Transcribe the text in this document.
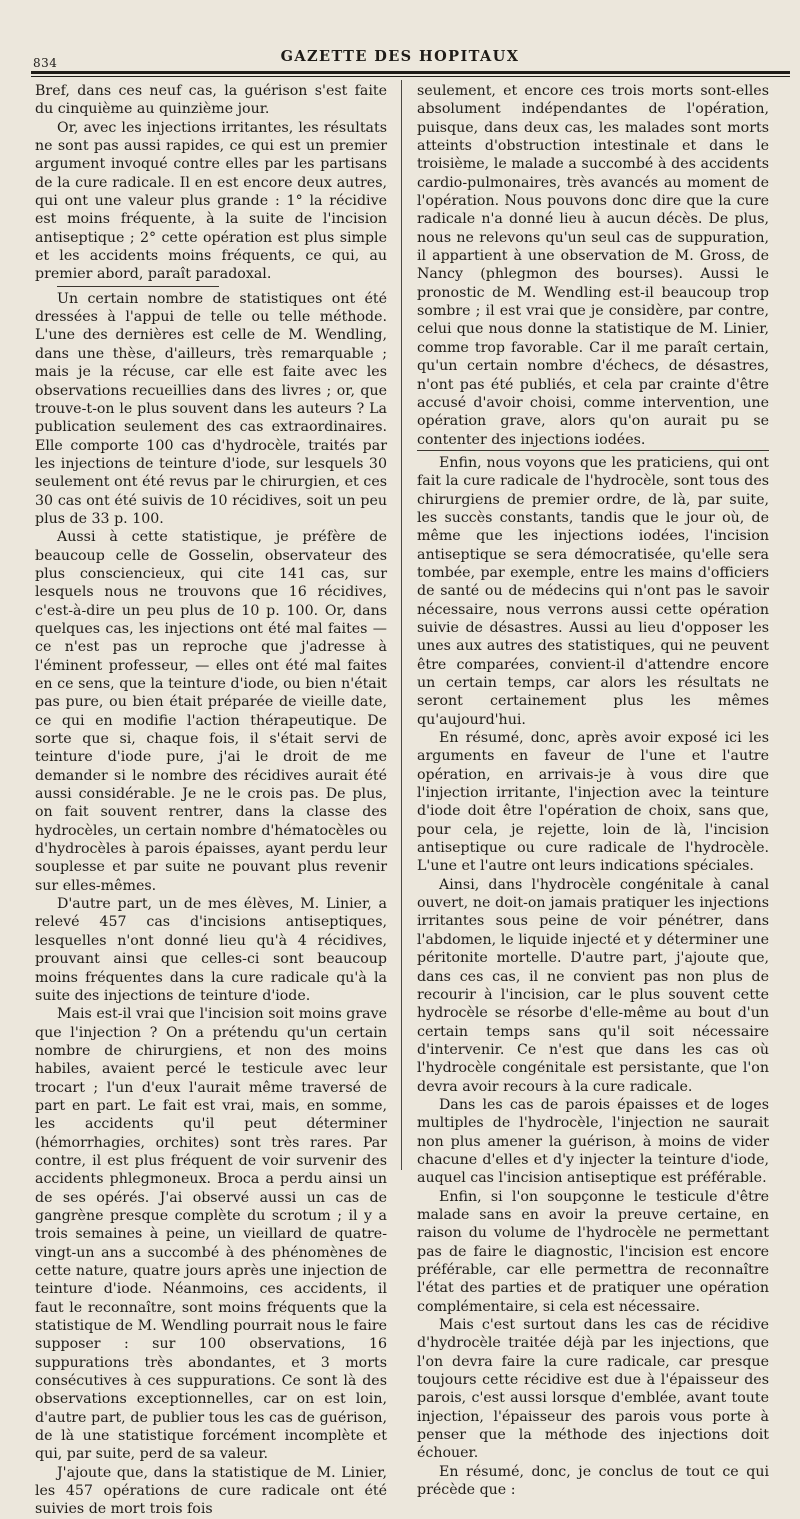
834	GAZETTE DES HOPITAUX

Bref, dans ces neuf cas, la guérison s'est faite du cinquième au quinzième jour.

Or, avec les injections irritantes, les résultats ne sont pas aussi rapides, ce qui est un premier argument invoqué contre elles par les partisans de la cure radicale. Il en est encore deux autres, qui ont une valeur plus grande : 1° la récidive est moins fréquente, à la suite de l'incision antiseptique ; 2° cette opération est plus simple et les accidents moins fréquents, ce qui, au premier abord, paraît paradoxal.

Un certain nombre de statistiques ont été dressées à l'appui de telle ou telle méthode. L'une des dernières est celle de M. Wendling, dans une thèse, d'ailleurs, très remarquable ; mais je la récuse, car elle est faite avec les observations recueillies dans des livres ; or, que trouve-t-on le plus souvent dans les auteurs ? La publication seulement des cas extraordinaires. Elle comporte 100 cas d'hydrocèle, traités par les injections de teinture d'iode, sur lesquels 30 seulement ont été revus par le chirurgien, et ces 30 cas ont été suivis de 10 récidives, soit un peu plus de 33 p. 100.

Aussi à cette statistique, je préfère de beaucoup celle de Gosselin, observateur des plus consciencieux, qui cite 141 cas, sur lesquels nous ne trouvons que 16 récidives, c'est-à-dire un peu plus de 10 p. 100. Or, dans quelques cas, les injections ont été mal faites — ce n'est pas un reproche que j'adresse à l'éminent professeur, — elles ont été mal faites en ce sens, que la teinture d'iode, ou bien n'était pas pure, ou bien était préparée de vieille date, ce qui en modifie l'action thérapeutique. De sorte que si, chaque fois, il s'était servi de teinture d'iode pure, j'ai le droit de me demander si le nombre des récidives aurait été aussi considérable. Je ne le crois pas. De plus, on fait souvent rentrer, dans la classe des hydrocèles, un certain nombre d'hématocèles ou d'hydrocèles à parois épaisses, ayant perdu leur souplesse et par suite ne pouvant plus revenir sur elles-mêmes.

D'autre part, un de mes élèves, M. Linier, a relevé 457 cas d'incisions antiseptiques, lesquelles n'ont donné lieu qu'à 4 récidives, prouvant ainsi que celles-ci sont beaucoup moins fréquentes dans la cure radicale qu'à la suite des injections de teinture d'iode.

Mais est-il vrai que l'incision soit moins grave que l'injection ? On a prétendu qu'un certain nombre de chirurgiens, et non des moins habiles, avaient percé le testicule avec leur trocart ; l'un d'eux l'aurait même traversé de part en part. Le fait est vrai, mais, en somme, les accidents qu'il peut déterminer (hémorrhagies, orchites) sont très rares. Par contre, il est plus fréquent de voir survenir des accidents phlegmoneux. Broca a perdu ainsi un de ses opérés. J'ai observé aussi un cas de gangrène presque complète du scrotum ; il y a trois semaines à peine, un vieillard de quatre-vingt-un ans a succombé à des phénomènes de cette nature, quatre jours après une injection de teinture d'iode. Néanmoins, ces accidents, il faut le reconnaître, sont moins fréquents que la statistique de M. Wendling pourrait nous le faire supposer : sur 100 observations, 16 suppurations très abondantes, et 3 morts consécutives à ces suppurations. Ce sont là des observations exceptionnelles, car on est loin, d'autre part, de publier tous les cas de guérison, de là une statistique forcément incomplète et qui, par suite, perd de sa valeur.

J'ajoute que, dans la statistique de M. Linier, les 457 opérations de cure radicale ont été suivies de mort trois fois

seulement, et encore ces trois morts sont-elles absolument indépendantes de l'opération, puisque, dans deux cas, les malades sont morts atteints d'obstruction intestinale et dans le troisième, le malade a succombé à des accidents cardio-pulmonaires, très avancés au moment de l'opération. Nous pouvons donc dire que la cure radicale n'a donné lieu à aucun décès. De plus, nous ne relevons qu'un seul cas de suppuration, il appartient à une observation de M. Gross, de Nancy (phlegmon des bourses). Aussi le pronostic de M. Wendling est-il beaucoup trop sombre ; il est vrai que je considère, par contre, celui que nous donne la statistique de M. Linier, comme trop favorable. Car il me paraît certain, qu'un certain nombre d'échecs, de désastres, n'ont pas été publiés, et cela par crainte d'être accusé d'avoir choisi, comme intervention, une opération grave, alors qu'on aurait pu se contenter des injections iodées.

Enfin, nous voyons que les praticiens, qui ont fait la cure radicale de l'hydrocèle, sont tous des chirurgiens de premier ordre, de là, par suite, les succès constants, tandis que le jour où, de même que les injections iodées, l'incision antiseptique se sera démocratisée, qu'elle sera tombée, par exemple, entre les mains d'officiers de santé ou de médecins qui n'ont pas le savoir nécessaire, nous verrons aussi cette opération suivie de désastres. Aussi au lieu d'opposer les unes aux autres des statistiques, qui ne peuvent être comparées, convient-il d'attendre encore un certain temps, car alors les résultats ne seront certainement plus les mêmes qu'aujourd'hui.

En résumé, donc, après avoir exposé ici les arguments en faveur de l'une et l'autre opération, en arrivais-je à vous dire que l'injection irritante, l'injection avec la teinture d'iode doit être l'opération de choix, sans que, pour cela, je rejette, loin de là, l'incision antiseptique ou cure radicale de l'hydrocèle. L'une et l'autre ont leurs indications spéciales.

Ainsi, dans l'hydrocèle congénitale à canal ouvert, ne doit-on jamais pratiquer les injections irritantes sous peine de voir pénétrer, dans l'abdomen, le liquide injecté et y déterminer une péritonite mortelle. D'autre part, j'ajoute que, dans ces cas, il ne convient pas non plus de recourir à l'incision, car le plus souvent cette hydrocèle se résorbe d'elle-même au bout d'un certain temps sans qu'il soit nécessaire d'intervenir. Ce n'est que dans les cas où l'hydrocèle congénitale est persistante, que l'on devra avoir recours à la cure radicale.

Dans les cas de parois épaisses et de loges multiples de l'hydrocèle, l'injection ne saurait non plus amener la guérison, à moins de vider chacune d'elles et d'y injecter la teinture d'iode, auquel cas l'incision antiseptique est préférable.

Enfin, si l'on soupçonne le testicule d'être malade sans en avoir la preuve certaine, en raison du volume de l'hydrocèle ne permettant pas de faire le diagnostic, l'incision est encore préférable, car elle permettra de reconnaître l'état des parties et de pratiquer une opération complémentaire, si cela est nécessaire.

Mais c'est surtout dans les cas de récidive d'hydrocèle traitée déjà par les injections, que l'on devra faire la cure radicale, car presque toujours cette récidive est due à l'épaisseur des parois, c'est aussi lorsque d'emblée, avant toute injection, l'épaisseur des parois vous porte à penser que la méthode des injections doit échouer.

En résumé, donc, je conclus de tout ce qui précède que :
